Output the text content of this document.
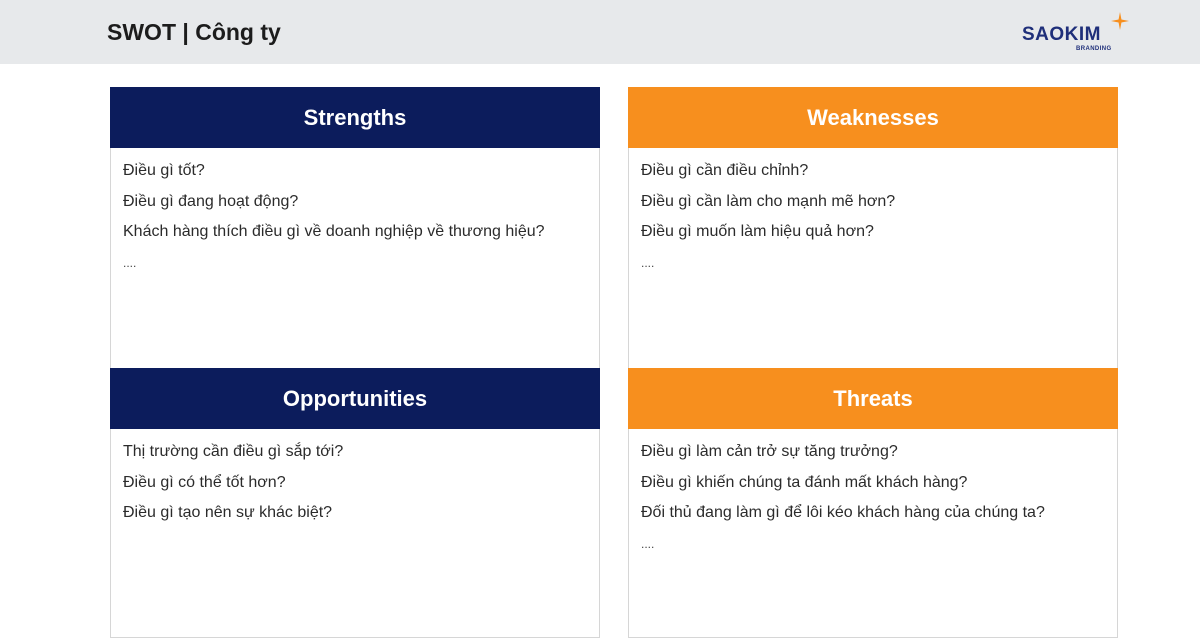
SWOT | Công ty	SAOKIM
BRANDING
Strengths
Điều gì tốt?
Điều gì đang hoạt động?
Khách hàng thích điều gì về doanh nghiệp về thương hiệu?
....
Weaknesses
Điều gì cần điều chỉnh?
Điều gì cần làm cho mạnh mẽ hơn?
Điều gì muốn làm hiệu quả hơn?
....
Opportunities
Thị trường cần điều gì sắp tới?
Điều gì có thể tốt hơn?
Điều gì tạo nên sự khác biệt?
Threats
Điều gì làm cản trở sự tăng trưởng?
Điều gì khiến chúng ta đánh mất khách hàng?
Đối thủ đang làm gì để lôi kéo khách hàng của chúng ta?
....
